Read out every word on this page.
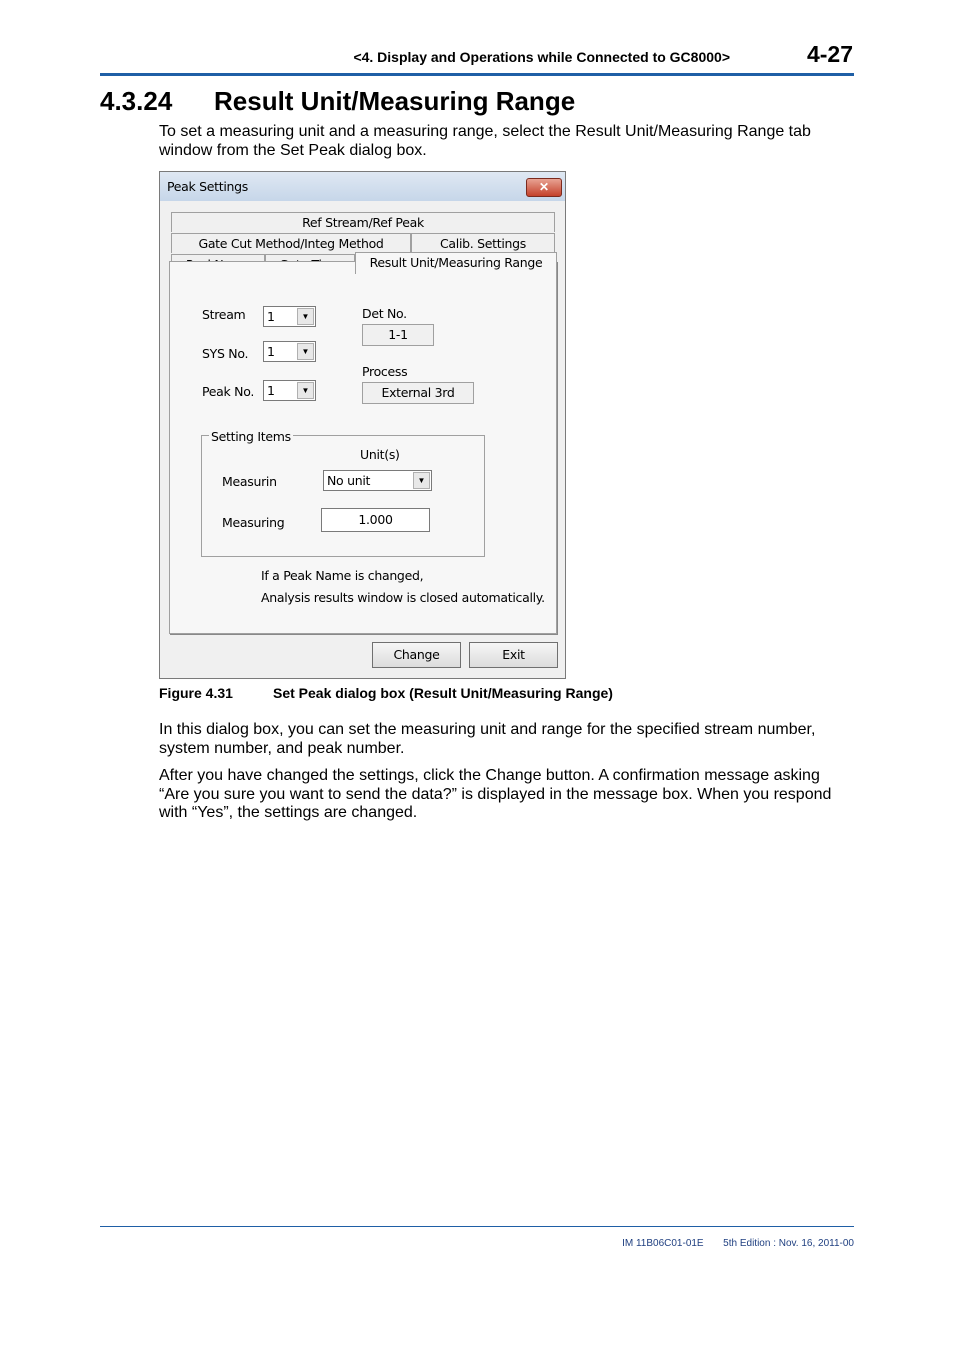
<4. Display and Operations while Connected to GC8000>	4-27
4.3.24 Result Unit/Measuring Range
To set a measuring unit and a measuring range, select the Result Unit/Measuring Range tab window from the Set Peak dialog box.
Peak Settings	✕
Ref Stream/Ref Peak
Gate Cut Method/Integ Method	Calib. Settings
Result Unit/Measuring Range
Stream 1	▼
SYS No. 1	▼
Peak No. 1	▼
Det No.
1-1
Process
External 3rd
Setting Items
Unit(s)
Measurin	No unit	▼
Measuring	1.000
If a Peak Name is changed,
Analysis results window is closed automatically.
Change	Exit
Figure 4.31	Set Peak dialog box (Result Unit/Measuring Range)
In this dialog box, you can set the measuring unit and range for the specified stream number, system number, and peak number.
After you have changed the settings, click the Change button. A confirmation message asking “Are you sure you want to send the data?” is displayed in the message box. When you respond with “Yes”, the settings are changed.
IM 11B06C01-01E 5th Edition : Nov. 16, 2011-00
